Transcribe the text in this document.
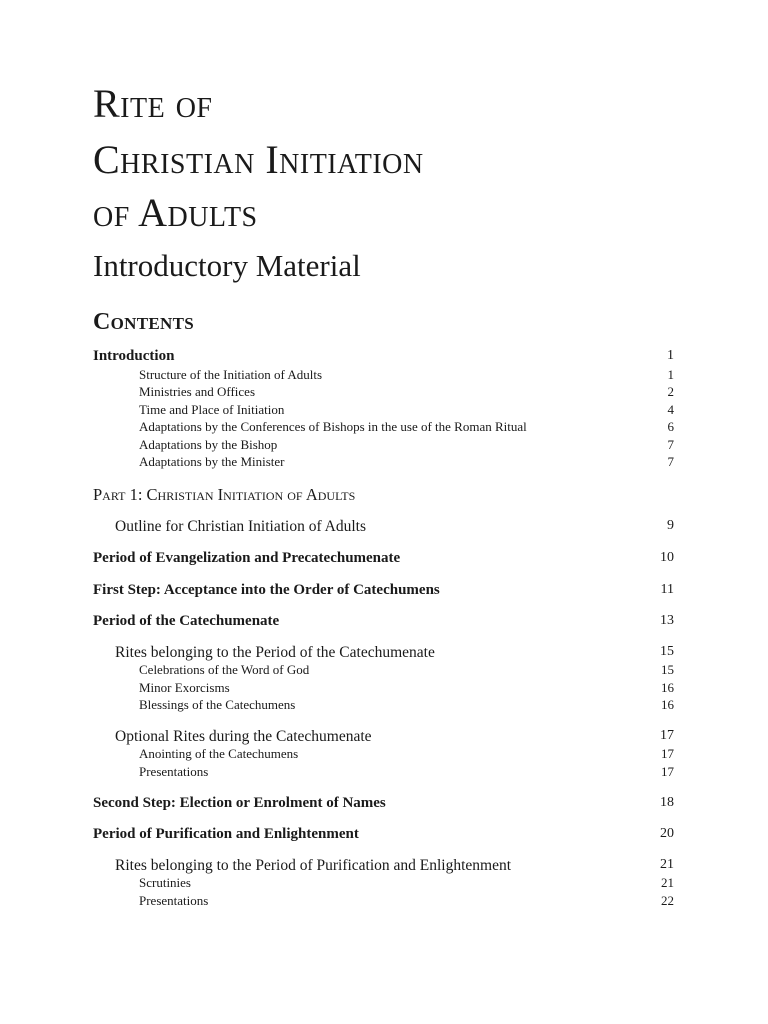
Rite of
Christian Initiation
of Adults
Introductory Material
Contents
Introduction	1
Structure of the Initiation of Adults	1
Ministries and Offices	2
Time and Place of Initiation	4
Adaptations by the Conferences of Bishops in the use of the Roman Ritual	6
Adaptations by the Bishop	7
Adaptations by the Minister	7
Part 1: Christian Initiation of Adults
Outline for Christian Initiation of Adults	9
Period of Evangelization and Precatechumenate	10
First Step: Acceptance into the Order of Catechumens	11
Period of the Catechumenate	13
Rites belonging to the Period of the Catechumenate	15
Celebrations of the Word of God	15
Minor Exorcisms	16
Blessings of the Catechumens	16
Optional Rites during the Catechumenate	17
Anointing of the Catechumens	17
Presentations	17
Second Step: Election or Enrolment of Names	18
Period of Purification and Enlightenment	20
Rites belonging to the Period of Purification and Enlightenment	21
Scrutinies	21
Presentations	22
